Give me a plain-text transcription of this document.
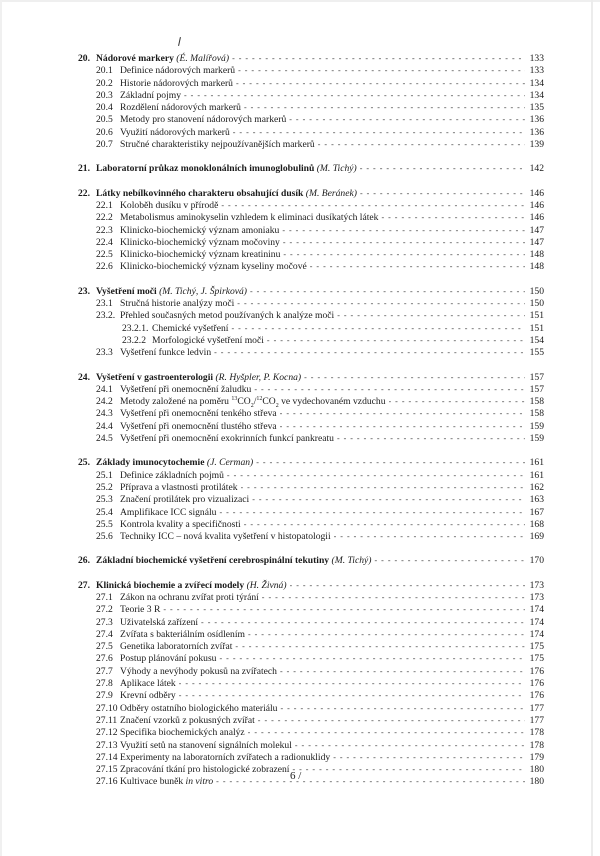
20. Nádorové markery (É. Malířová) - - -	133
20.1 Definice nádorových markerů - - -	133
20.2 Historie nádorových markerů - - -	134
20.3 Základní pojmy - - -	134
20.4 Rozdělení nádorových markerů - - -	135
20.5 Metody pro stanovení nádorových markerů - - -	136
20.6 Využití nádorových markerů - - -	136
20.7 Stručné charakteristiky nejpoužívanějších markerů - - -	139
21. Laboratorní průkaz monoklonálních imunoglobulinů (M. Tichý) - - -	142
22. Látky nebílkovinného charakteru obsahující dusík (M. Beránek) - - -	146
22.1 Koloběh dusíku v přírodě - - -	146
22.2 Metabolismus aminokyselin vzhledem k eliminaci dusíkatých látek - - -	146
22.3 Klinicko-biochemický význam amoniaku - - -	147
22.4 Klinicko-biochemický význam močoviny - - -	147
22.5 Klinicko-biochemický význam kreatininu - - -	148
22.6 Klinicko-biochemický význam kyseliny močové - - -	148
23. Vyšetření moči (M. Tichý, J. Špirková) - - -	150
23.1 Stručná historie analýzy moči - - -	150
23.2. Přehled současných metod používaných k analýze moči - - -	151
23.2.1. Chemické vyšetření - - -	151
23.2.2 Morfologické vyšetření moči - - -	154
23.3 Vyšetření funkce ledvin - - -	155
24. Vyšetření v gastroenterologii (R. Hyšpler, P. Kocna) - - -	157
24.1 Vyšetření při onemocnění žaludku - - -	157
24.2 Metody založené na poměru $^{13}CO_2/^{12}CO_2$ ve vydechovaném vzduchu - - -	158
24.3 Vyšetření při onemocnění tenkého střeva - - -	158
24.4 Vyšetření při onemocnění tlustého střeva - - -	159
24.5 Vyšetření při onemocnění exokrinních funkcí pankreatu - - -	159
25. Základy imunocytochemie (J. Cerman) - - -	161
25.1 Definice základních pojmů - - -	161
25.2 Příprava a vlastnosti protilátek - - -	162
25.3 Značení protilátek pro vizualizaci - - -	163
25.4 Amplifikace ICC signálu - - -	167
25.5 Kontrola kvality a specifičnosti - - -	168
25.6 Techniky ICC – nová kvalita vyšetření v histopatologii - - -	169
26. Základní biochemické vyšetření cerebrospinální tekutiny (M. Tichý) - - -	170
27. Klinická biochemie a zvířecí modely (H. Živná) - - -	173
27.1 Zákon na ochranu zvířat proti týrání - - -	173
27.2 Teorie 3 R - - -	174
27.3 Uživatelská zařízení - - -	174
27.4 Zvířata s bakteriálním osídlením - - -	174
27.5 Genetika laboratorních zvířat - - -	175
27.6 Postup plánování pokusu - - -	175
27.7 Výhody a nevýhody pokusů na zvířatech - - -	176
27.8 Aplikace látek - - -	176
27.9 Krevní odběry - - -	176
27.10 Odběry ostatního biologického materiálu - - -	177
27.11 Značení vzorků z pokusných zvířat - - -	177
27.12 Specifika biochemických analýz - - -	178
27.13 Využití setů na stanovení signálních molekul - - -	178
27.14 Experimenty na laboratorních zvířatech a radionuklidy - - -	179
27.15 Zpracování tkání pro histologické zobrazení - - -	180
27.16 Kultivace buněk in vitro - - -	180
6 /
